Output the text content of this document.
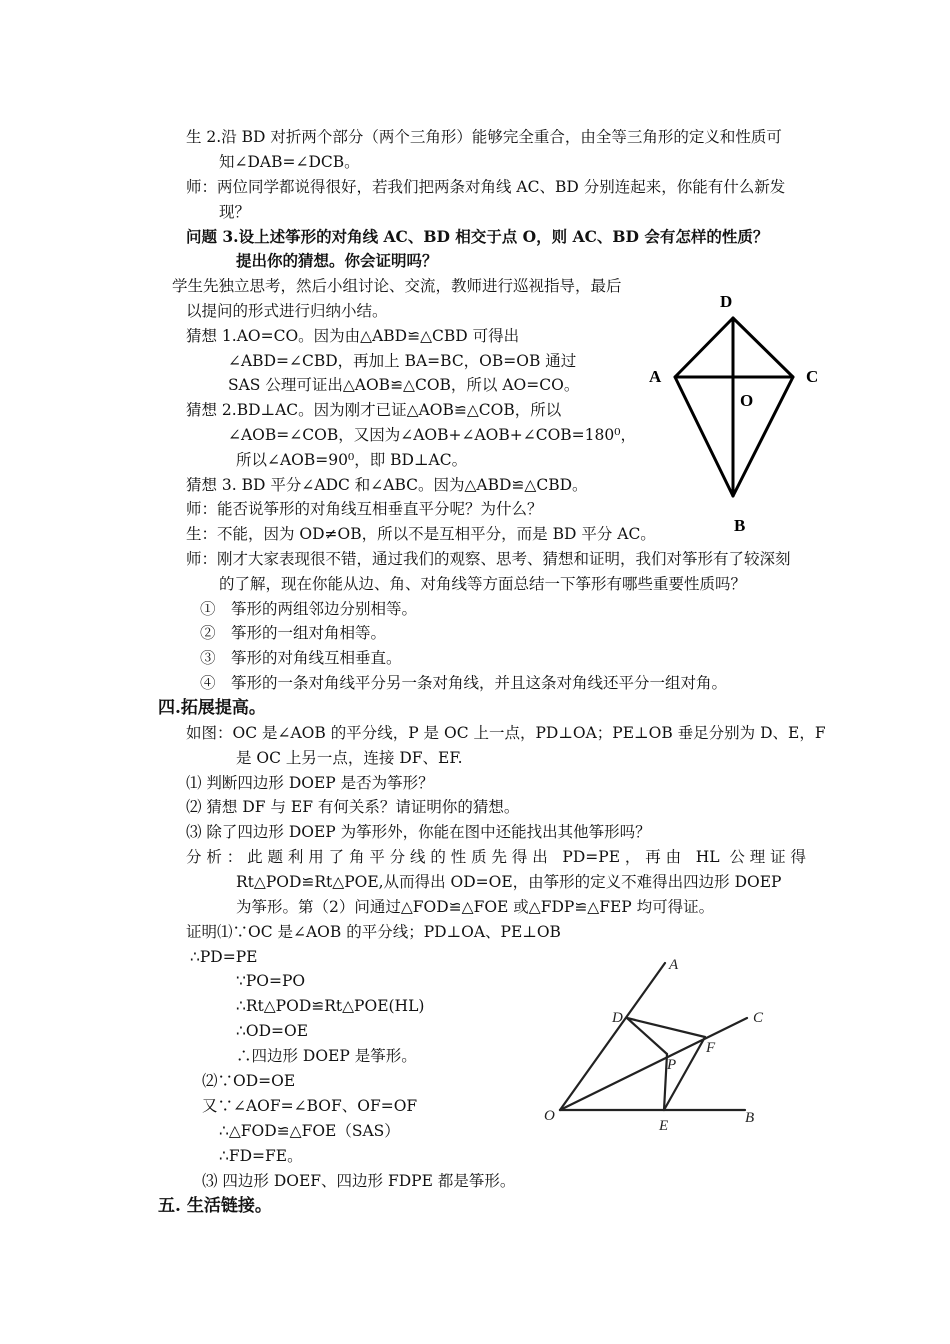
生 2.沿 BD 对折两个部分（两个三角形）能够完全重合，由全等三角形的定义和性质可
知∠DAB=∠DCB。
师：两位同学都说得很好，若我们把两条对角线 AC、BD 分别连起来，你能有什么新发
现？
问题 3.设上述筝形的对角线 AC、BD 相交于点 O，则 AC、BD 会有怎样的性质？
提出你的猜想。你会证明吗？
学生先独立思考，然后小组讨论、交流，教师进行巡视指导，最后
以提问的形式进行归纳小结。
猜想 1.AO=CO。因为由△ABD≌△CBD 可得出
∠ABD=∠CBD，再加上 BA=BC，OB=OB 通过
SAS 公理可证出△AOB≌△COB，所以 AO=CO。
猜想 2.BD⊥AC。因为刚才已证△AOB≌△COB，所以
∠AOB=∠COB，又因为∠AOB+∠AOB+∠COB=180⁰，
所以∠AOB=90⁰，即 BD⊥AC。
猜想 3. BD 平分∠ADC 和∠ABC。因为△ABD≌△CBD。
师：能否说筝形的对角线互相垂直平分呢？为什么？
生：不能，因为 OD≠OB，所以不是互相平分，而是 BD 平分 AC。
师：刚才大家表现很不错，通过我们的观察、思考、猜想和证明，我们对筝形有了较深刻
的了解，现在你能从边、角、对角线等方面总结一下筝形有哪些重要性质吗？
①　筝形的两组邻边分别相等。
②　筝形的一组对角相等。
③　筝形的对角线互相垂直。
④　筝形的一条对角线平分另一条对角线，并且这条对角线还平分一组对角。
四.拓展提高。
如图：OC 是∠AOB 的平分线，P 是 OC 上一点，PD⊥OA；PE⊥OB 垂足分别为 D、E，F
是 OC 上另一点，连接 DF、EF.
⑴ 判断四边形 DOEP 是否为筝形？
⑵ 猜想 DF 与 EF 有何关系？请证明你的猜想。
⑶ 除了四边形 DOEP 为筝形外，你能在图中还能找出其他筝形吗？
分析：此题利用了角平分线的性质先得出 PD=PE，再由 HL 公理证得
Rt△POD≌Rt△POE,从而得出 OD=OE，由筝形的定义不难得出四边形 DOEP
为筝形。第（2）问通过△FOD≌△FOE 或△FDP≌△FEP 均可得证。
证明⑴∵OC 是∠AOB 的平分线；PD⊥OA、PE⊥OB
∴PD=PE
∵PO=PO
∴Rt△POD≌Rt△POE(HL)
∴OD=OE
∴四边形 DOEP 是筝形。
⑵∵OD=OE
又∵∠AOF=∠BOF、OF=OF
∴△FOD≌△FOE（SAS）
∴FD=FE。
⑶ 四边形 DOEF、四边形 FDPE 都是筝形。
五. 生活链接。
D
A	C
O
B
A
C
D
F
P
O
E	B
